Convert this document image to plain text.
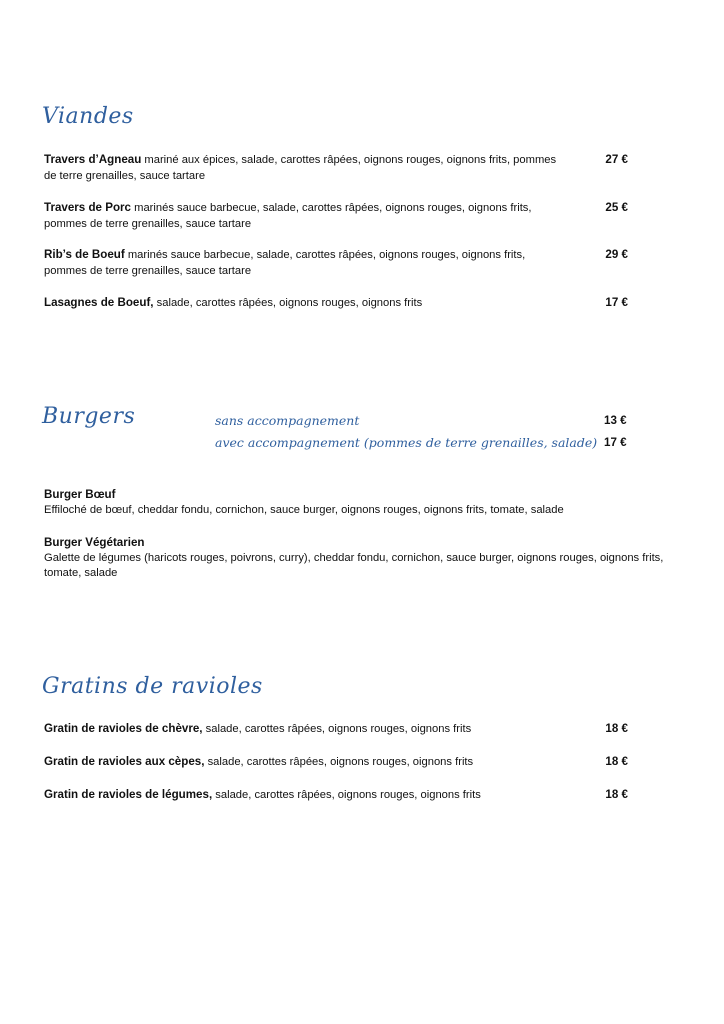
Viandes
Travers d’Agneau mariné aux épices, salade, carottes râpées, oignons rouges, oignons frits, pommes de terre grenailles, sauce tartare
27 €
Travers de Porc marinés sauce barbecue, salade, carottes râpées, oignons rouges, oignons frits, pommes de terre grenailles, sauce tartare
25 €
Rib’s de Boeuf marinés sauce barbecue, salade, carottes râpées, oignons rouges, oignons frits, pommes de terre grenailles, sauce tartare
29 €
Lasagnes de Boeuf, salade, carottes râpées, oignons rouges, oignons frits	17 €
Burgers	sans accompagnement	13 €
avec accompagnement (pommes de terre grenailles, salade) 17 €
Burger Bœuf
Effiloché de bœuf, cheddar fondu, cornichon, sauce burger, oignons rouges, oignons frits, tomate, salade
Burger Végétarien
Galette de légumes (haricots rouges, poivrons, curry), cheddar fondu, cornichon, sauce burger, oignons rouges, oignons frits, tomate, salade
Gratins de ravioles
Gratin de ravioles de chèvre, salade, carottes râpées, oignons rouges, oignons frits	18 €
Gratin de ravioles aux cèpes, salade, carottes râpées, oignons rouges, oignons frits	18 €
Gratin de ravioles de légumes, salade, carottes râpées, oignons rouges, oignons frits	18 €
